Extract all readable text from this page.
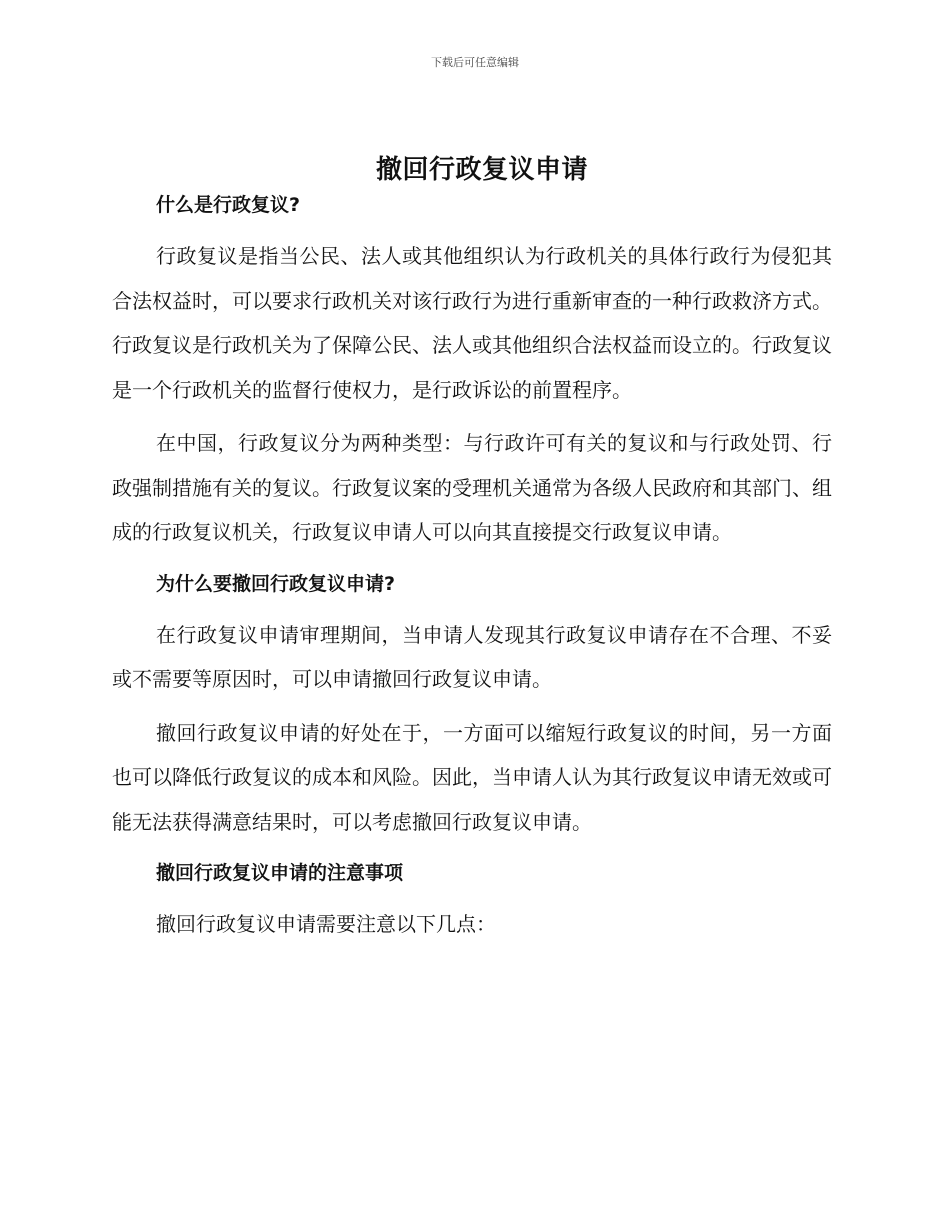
下载后可任意编辑
撤回行政复议申请
什么是行政复议?

行政复议是指当公民、法人或其他组织认为行政机关的具体行政行为侵犯其合法权益时，可以要求行政机关对该行政行为进行重新审查的一种行政救济方式。行政复议是行政机关为了保障公民、法人或其他组织合法权益而设立的。行政复议是一个行政机关的监督行使权力，是行政诉讼的前置程序。

在中国，行政复议分为两种类型：与行政许可有关的复议和与行政处罚、行政强制措施有关的复议。行政复议案的受理机关通常为各级人民政府和其部门、组成的行政复议机关，行政复议申请人可以向其直接提交行政复议申请。

为什么要撤回行政复议申请?

在行政复议申请审理期间，当申请人发现其行政复议申请存在不合理、不妥或不需要等原因时，可以申请撤回行政复议申请。

撤回行政复议申请的好处在于，一方面可以缩短行政复议的时间，另一方面也可以降低行政复议的成本和风险。因此，当申请人认为其行政复议申请无效或可能无法获得满意结果时，可以考虑撤回行政复议申请。

撤回行政复议申请的注意事项

撤回行政复议申请需要注意以下几点：
